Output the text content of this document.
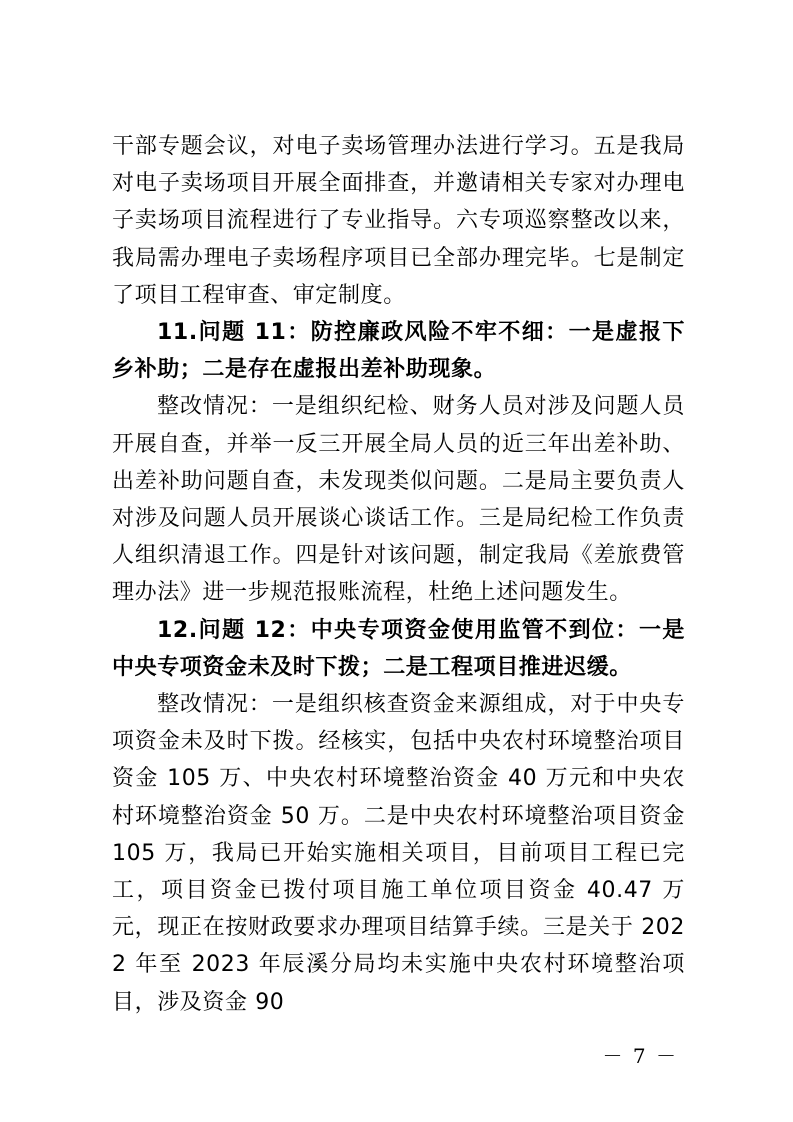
干部专题会议，对电子卖场管理办法进行学习。五是我局对电子卖场项目开展全面排查，并邀请相关专家对办理电子卖场项目流程进行了专业指导。六专项巡察整改以来，我局需办理电子卖场程序项目已全部办理完毕。七是制定了项目工程审查、审定制度。

11.问题 11：防控廉政风险不牢不细：一是虚报下乡补助；二是存在虚报出差补助现象。

整改情况：一是组织纪检、财务人员对涉及问题人员开展自查，并举一反三开展全局人员的近三年出差补助、出差补助问题自查，未发现类似问题。二是局主要负责人对涉及问题人员开展谈心谈话工作。三是局纪检工作负责人组织清退工作。四是针对该问题，制定我局《差旅费管理办法》进一步规范报账流程，杜绝上述问题发生。

12.问题 12：中央专项资金使用监管不到位：一是中央专项资金未及时下拨；二是工程项目推进迟缓。

整改情况：一是组织核查资金来源组成，对于中央专项资金未及时下拨。经核实，包括中央农村环境整治项目资金 105 万、中央农村环境整治资金 40 万元和中央农村环境整治资金 50 万。二是中央农村环境整治项目资金 105 万，我局已开始实施相关项目，目前项目工程已完工，项目资金已拨付项目施工单位项目资金 40.47 万元，现正在按财政要求办理项目结算手续。三是关于 2022 年至 2023 年辰溪分局均未实施中央农村环境整治项目，涉及资金 90

－ 7 －
